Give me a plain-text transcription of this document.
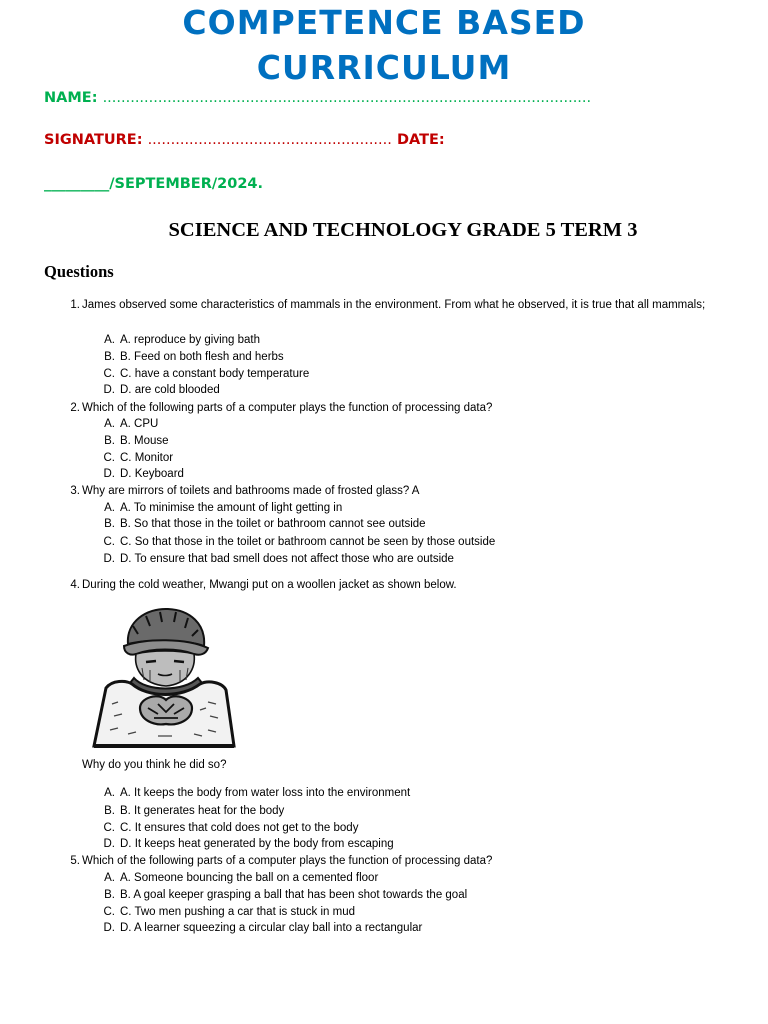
COMPETENCE BASED
CURRICULUM
NAME: ..........................................................................................................
SIGNATURE: ..................................................... DATE:
_________/SEPTEMBER/2024.
SCIENCE AND TECHNOLOGY GRADE 5 TERM 3
Questions
1. James observed some characteristics of mammals in the environment. From what he observed, it is true that all mammals;
A. A. reproduce by giving bath
B. B. Feed on both flesh and herbs
C. C. have a constant body temperature
D. D. are cold blooded
2. Which of the following parts of a computer plays the function of processing data?
A. A. CPU
B. B. Mouse
C. C. Monitor
D. D. Keyboard
3. Why are mirrors of toilets and bathrooms made of frosted glass? A
A. A. To minimise the amount of light getting in
B. B. So that those in the toilet or bathroom cannot see outside
C. C. So that those in the toilet or bathroom cannot be seen by those outside
D. D. To ensure that bad smell does not affect those who are outside
4. During the cold weather, Mwangi put on a woollen jacket as shown below.
Why do you think he did so?
A. A. It keeps the body from water loss into the environment
B. B. It generates heat for the body
C. C. It ensures that cold does not get to the body
D. D. It keeps heat generated by the body from escaping
5. Which of the following parts of a computer plays the function of processing data?
A. A. Someone bouncing the ball on a cemented floor
B. B. A goal keeper grasping a ball that has been shot towards the goal
C. C. Two men pushing a car that is stuck in mud
D. D. A learner squeezing a circular clay ball into a rectangular
